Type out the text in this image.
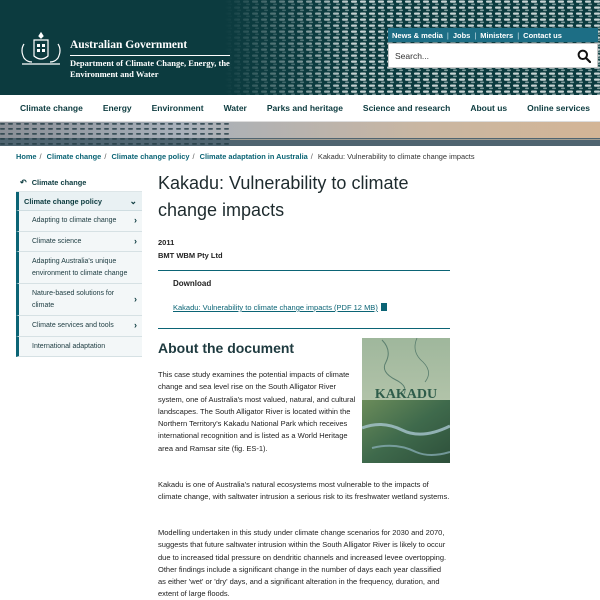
Australian Government
Department of Climate Change, Energy, the Environment and Water
News & media | Jobs | Ministers | Contact us
Search...
Climate change Energy Environment Water Parks and heritage Science and research About us Online services
Home / Climate change / Climate change policy / Climate adaptation in Australia / Kakadu: Vulnerability to climate change impacts
↶ Climate change
Climate change policy	⌄
Adapting to climate change ›
Climate science	›
Adapting Australia's unique environment to climate change
Nature-based solutions for climate
›
Climate services and tools ›
International adaptation
Kakadu: Vulnerability to climate change impacts
2011
BMT WBM Pty Ltd
Download
Kakadu: Vulnerability to climate change impacts (PDF 12 MB)
About the document
KAKADU

This case study examines the potential impacts of climate change and sea level rise on the South Alligator River system, one of Australia's most valued, natural, and cultural landscapes. The South Alligator River is located within the Northern Territory's Kakadu National Park which receives international recognition and is listed as a World Heritage area and Ramsar site (fig. ES-1).

Kakadu is one of Australia's natural ecosystems most vulnerable to the impacts of climate change, with saltwater intrusion a serious risk to its freshwater wetland systems.

Modelling undertaken in this study under climate change scenarios for 2030 and 2070, suggests that future saltwater intrusion within the South Alligator River is likely to occur due to increased tidal pressure on dendritic channels and increased levee overtopping. Other findings include a significant change in the number of days each year classified as either 'wet' or 'dry' days, and a significant alteration in the frequency, duration, and extent of large floods.
